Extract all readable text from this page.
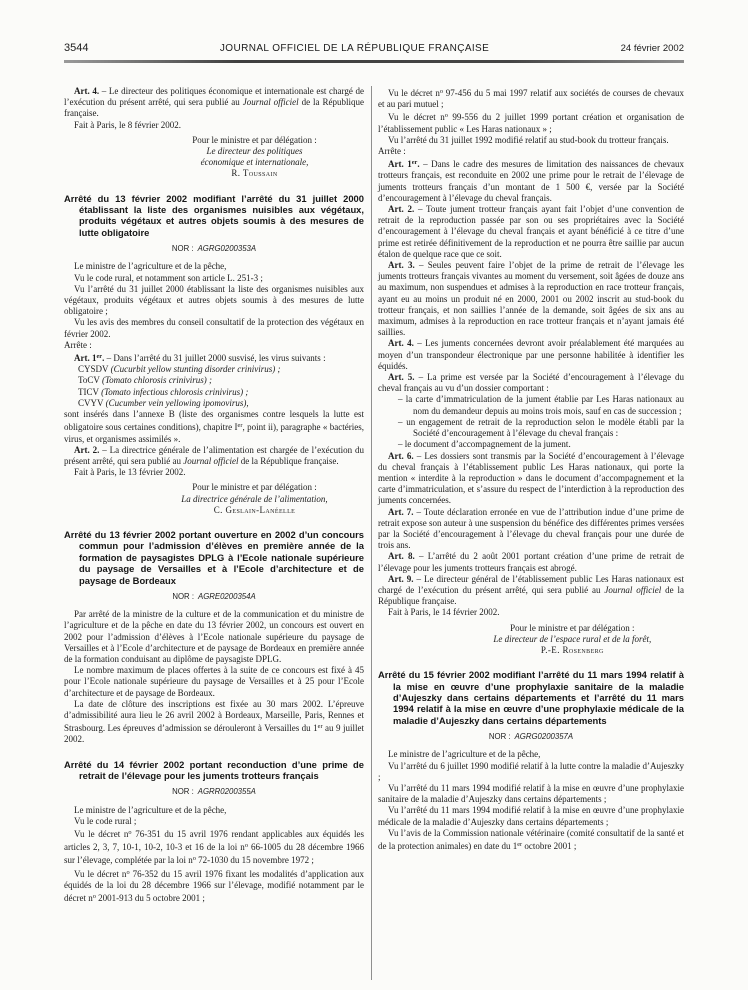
3544	JOURNAL OFFICIEL DE LA RÉPUBLIQUE FRANÇAISE	24 février 2002

Art. 4. – Le directeur des politiques économique et internationale est chargé de l’exécution du présent arrêté, qui sera publié au Journal officiel de la République française.

Fait à Paris, le 8 février 2002.

Pour le ministre et par délégation :
Le directeur des politiques
économique et internationale,
R. Toussain
Arrêté du 13 février 2002 modifiant l’arrêté du 31 juillet 2000 établissant la liste des organismes nuisibles aux végétaux, produits végétaux et autres objets soumis à des mesures de lutte obligatoire
NOR : AGRG0200353A

Le ministre de l’agriculture et de la pêche,

Vu le code rural, et notamment son article L. 251-3 ;

Vu l’arrêté du 31 juillet 2000 établissant la liste des organismes nuisibles aux végétaux, produits végétaux et autres objets soumis à des mesures de lutte obligatoire ;

Vu les avis des membres du conseil consultatif de la protection des végétaux en février 2002.

Arrête :

Art. 1er. – Dans l’arrêté du 31 juillet 2000 susvisé, les virus suivants :

CYSDV (Cucurbit yellow stunting disorder crinivirus) ;

ToCV (Tomato chlorosis crinivirus) ;

TICV (Tomato infectious chlorosis crinivirus) ;

CVYV (Cucumber vein yellowing ipomovirus),

sont insérés dans l’annexe B (liste des organismes contre lesquels la lutte est obligatoire sous certaines conditions), chapitre Ier, point ii), paragraphe « bactéries, virus, et organismes assimilés ».

Art. 2. – La directrice générale de l’alimentation est chargée de l’exécution du présent arrêté, qui sera publié au Journal officiel de la République française.

Fait à Paris, le 13 février 2002.

Pour le ministre et par délégation :
La directrice générale de l’alimentation,
C. Geslain-Lanéelle
Arrêté du 13 février 2002 portant ouverture en 2002 d’un concours commun pour l’admission d’élèves en première année de la formation de paysagistes DPLG à l’Ecole nationale supérieure du paysage de Versailles et à l’Ecole d’architecture et de paysage de Bordeaux
NOR : AGRE0200354A

Par arrêté de la ministre de la culture et de la communication et du ministre de l’agriculture et de la pêche en date du 13 février 2002, un concours est ouvert en 2002 pour l’admission d’élèves à l’Ecole nationale supérieure du paysage de Versailles et à l’Ecole d’architecture et de paysage de Bordeaux en première année de la formation conduisant au diplôme de paysagiste DPLG.

Le nombre maximum de places offertes à la suite de ce concours est fixé à 45 pour l’Ecole nationale supérieure du paysage de Versailles et à 25 pour l’Ecole d’architecture et de paysage de Bordeaux.

La date de clôture des inscriptions est fixée au 30 mars 2002. L’épreuve d’admissibilité aura lieu le 26 avril 2002 à Bordeaux, Marseille, Paris, Rennes et Strasbourg. Les épreuves d’admission se dérouleront à Versailles du 1er au 9 juillet 2002.

Arrêté du 14 février 2002 portant reconduction d’une prime de retrait de l’élevage pour les juments trotteurs français
NOR : AGRR0200355A

Le ministre de l’agriculture et de la pêche,

Vu le code rural ;

Vu le décret $n^o$ 76-351 du 15 avril 1976 rendant applicables aux équidés les articles 2, 3, 7, 10-1, 10-2, 10-3 et 16 de la loi $n^o$ 66-1005 du 28 décembre 1966 sur l’élevage, complétée par la loi $n^o$ 72-1030 du 15 novembre 1972 ;

Vu le décret $n^o$ 76-352 du 15 avril 1976 fixant les modalités d’application aux équidés de la loi du 28 décembre 1966 sur l’élevage, modifié notamment par le décret $n^o$ 2001-913 du 5 octobre 2001 ;

Vu le décret $n^o$ 97-456 du 5 mai 1997 relatif aux sociétés de courses de chevaux et au pari mutuel ;

Vu le décret $n^o$ 99-556 du 2 juillet 1999 portant création et organisation de l’établissement public « Les Haras nationaux » ;

Vu l’arrêté du 31 juillet 1992 modifié relatif au stud-book du trotteur français.

Arrête :

Art. 1er. – Dans le cadre des mesures de limitation des naissances de chevaux trotteurs français, est reconduite en 2002 une prime pour le retrait de l’élevage de juments trotteurs français d’un montant de 1 500 €, versée par la Société d’encouragement à l’élevage du cheval français.

Art. 2. – Toute jument trotteur français ayant fait l’objet d’une convention de retrait de la reproduction passée par son ou ses propriétaires avec la Société d’encouragement à l’élevage du cheval français et ayant bénéficié à ce titre d’une prime est retirée définitivement de la reproduction et ne pourra être saillie par aucun étalon de quelque race que ce soit.

Art. 3. – Seules peuvent faire l’objet de la prime de retrait de l’élevage les juments trotteurs français vivantes au moment du versement, soit âgées de douze ans au maximum, non suspendues et admises à la reproduction en race trotteur français, ayant eu au moins un produit né en 2000, 2001 ou 2002 inscrit au stud-book du trotteur français, et non saillies l’année de la demande, soit âgées de six ans au maximum, admises à la reproduction en race trotteur français et n’ayant jamais été saillies.

Art. 4. – Les juments concernées devront avoir préalablement été marquées au moyen d’un transpondeur électronique par une personne habilitée à identifier les équidés.

Art. 5. – La prime est versée par la Société d’encouragement à l’élevage du cheval français au vu d’un dossier comportant :

– la carte d’immatriculation de la jument établie par Les Haras nationaux au nom du demandeur depuis au moins trois mois, sauf en cas de succession ;

– un engagement de retrait de la reproduction selon le modèle établi par la Société d’encouragement à l’élevage du cheval français :

– le document d’accompagnement de la jument.

Art. 6. – Les dossiers sont transmis par la Société d’encouragement à l’élevage du cheval français à l’établissement public Les Haras nationaux, qui porte la mention « interdite à la reproduction » dans le document d’accompagnement et la carte d’immatriculation, et s’assure du respect de l’interdiction à la reproduction des juments concernées.

Art. 7. – Toute déclaration erronée en vue de l’attribution indue d’une prime de retrait expose son auteur à une suspension du bénéfice des différentes primes versées par la Société d’encouragement à l’élevage du cheval français pour une durée de trois ans.

Art. 8. – L’arrêté du 2 août 2001 portant création d’une prime de retrait de l’élevage pour les juments trotteurs français est abrogé.

Art. 9. – Le directeur général de l’établissement public Les Haras nationaux est chargé de l’exécution du présent arrêté, qui sera publié au Journal officiel de la République française.

Fait à Paris, le 14 février 2002.

Pour le ministre et par délégation :
Le directeur de l’espace rural et de la forêt,
P.-E. Rosenberg
Arrêté du 15 février 2002 modifiant l’arrêté du 11 mars 1994 relatif à la mise en œuvre d’une prophylaxie sanitaire de la maladie d’Aujeszky dans certains départements et l’arrêté du 11 mars 1994 relatif à la mise en œuvre d’une prophylaxie médicale de la maladie d’Aujeszky dans certains départements
NOR : AGRG0200357A

Le ministre de l’agriculture et de la pêche,

Vu l’arrêté du 6 juillet 1990 modifié relatif à la lutte contre la maladie d’Aujeszky ;

Vu l’arrêté du 11 mars 1994 modifié relatif à la mise en œuvre d’une prophylaxie sanitaire de la maladie d’Aujeszky dans certains départements ;

Vu l’arrêté du 11 mars 1994 modifié relatif à la mise en œuvre d’une prophylaxie médicale de la maladie d’Aujeszky dans certains départements ;

Vu l’avis de la Commission nationale vétérinaire (comité consultatif de la santé et de la protection animales) en date du 1er octobre 2001 ;
